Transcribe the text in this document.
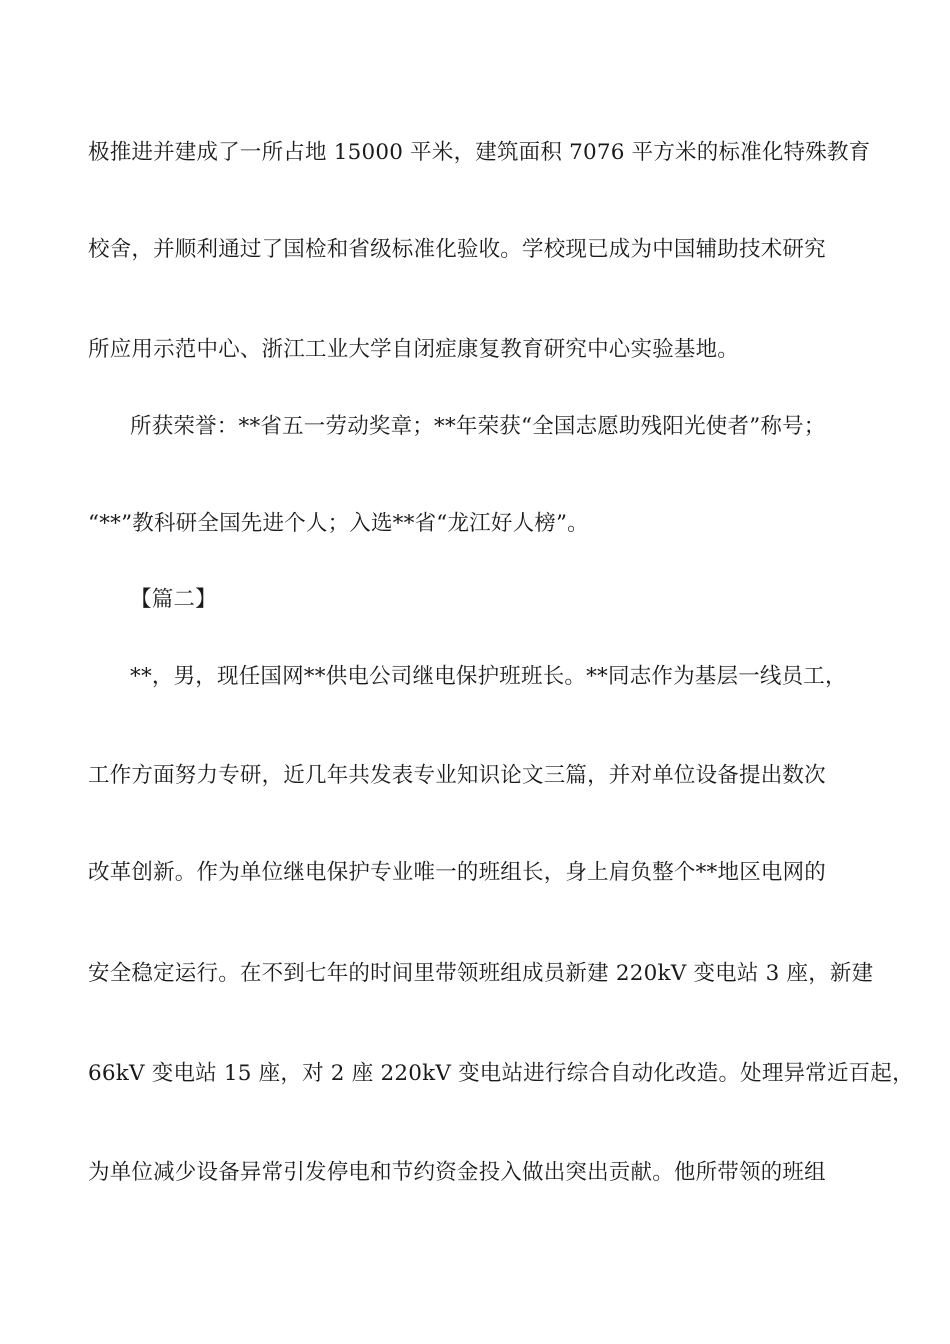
极推进并建成了一所占地 15000 平米，建筑面积 7076 平方米的标准化特殊教育
校舍，并顺利通过了国检和省级标准化验收。学校现已成为中国辅助技术研究
所应用示范中心、浙江工业大学自闭症康复教育研究中心实验基地。
所获荣誉：**省五一劳动奖章；**年荣获“全国志愿助残阳光使者”称号；
“**”教科研全国先进个人；入选**省“龙江好人榜”。
【篇二】
**，男，现任国网**供电公司继电保护班班长。**同志作为基层一线员工，
工作方面努力专研，近几年共发表专业知识论文三篇，并对单位设备提出数次
改革创新。作为单位继电保护专业唯一的班组长，身上肩负整个**地区电网的
安全稳定运行。在不到七年的时间里带领班组成员新建 220kV 变电站 3 座，新建
66kV 变电站 15 座，对 2 座 220kV 变电站进行综合自动化改造。处理异常近百起，
为单位减少设备异常引发停电和节约资金投入做出突出贡献。他所带领的班组
